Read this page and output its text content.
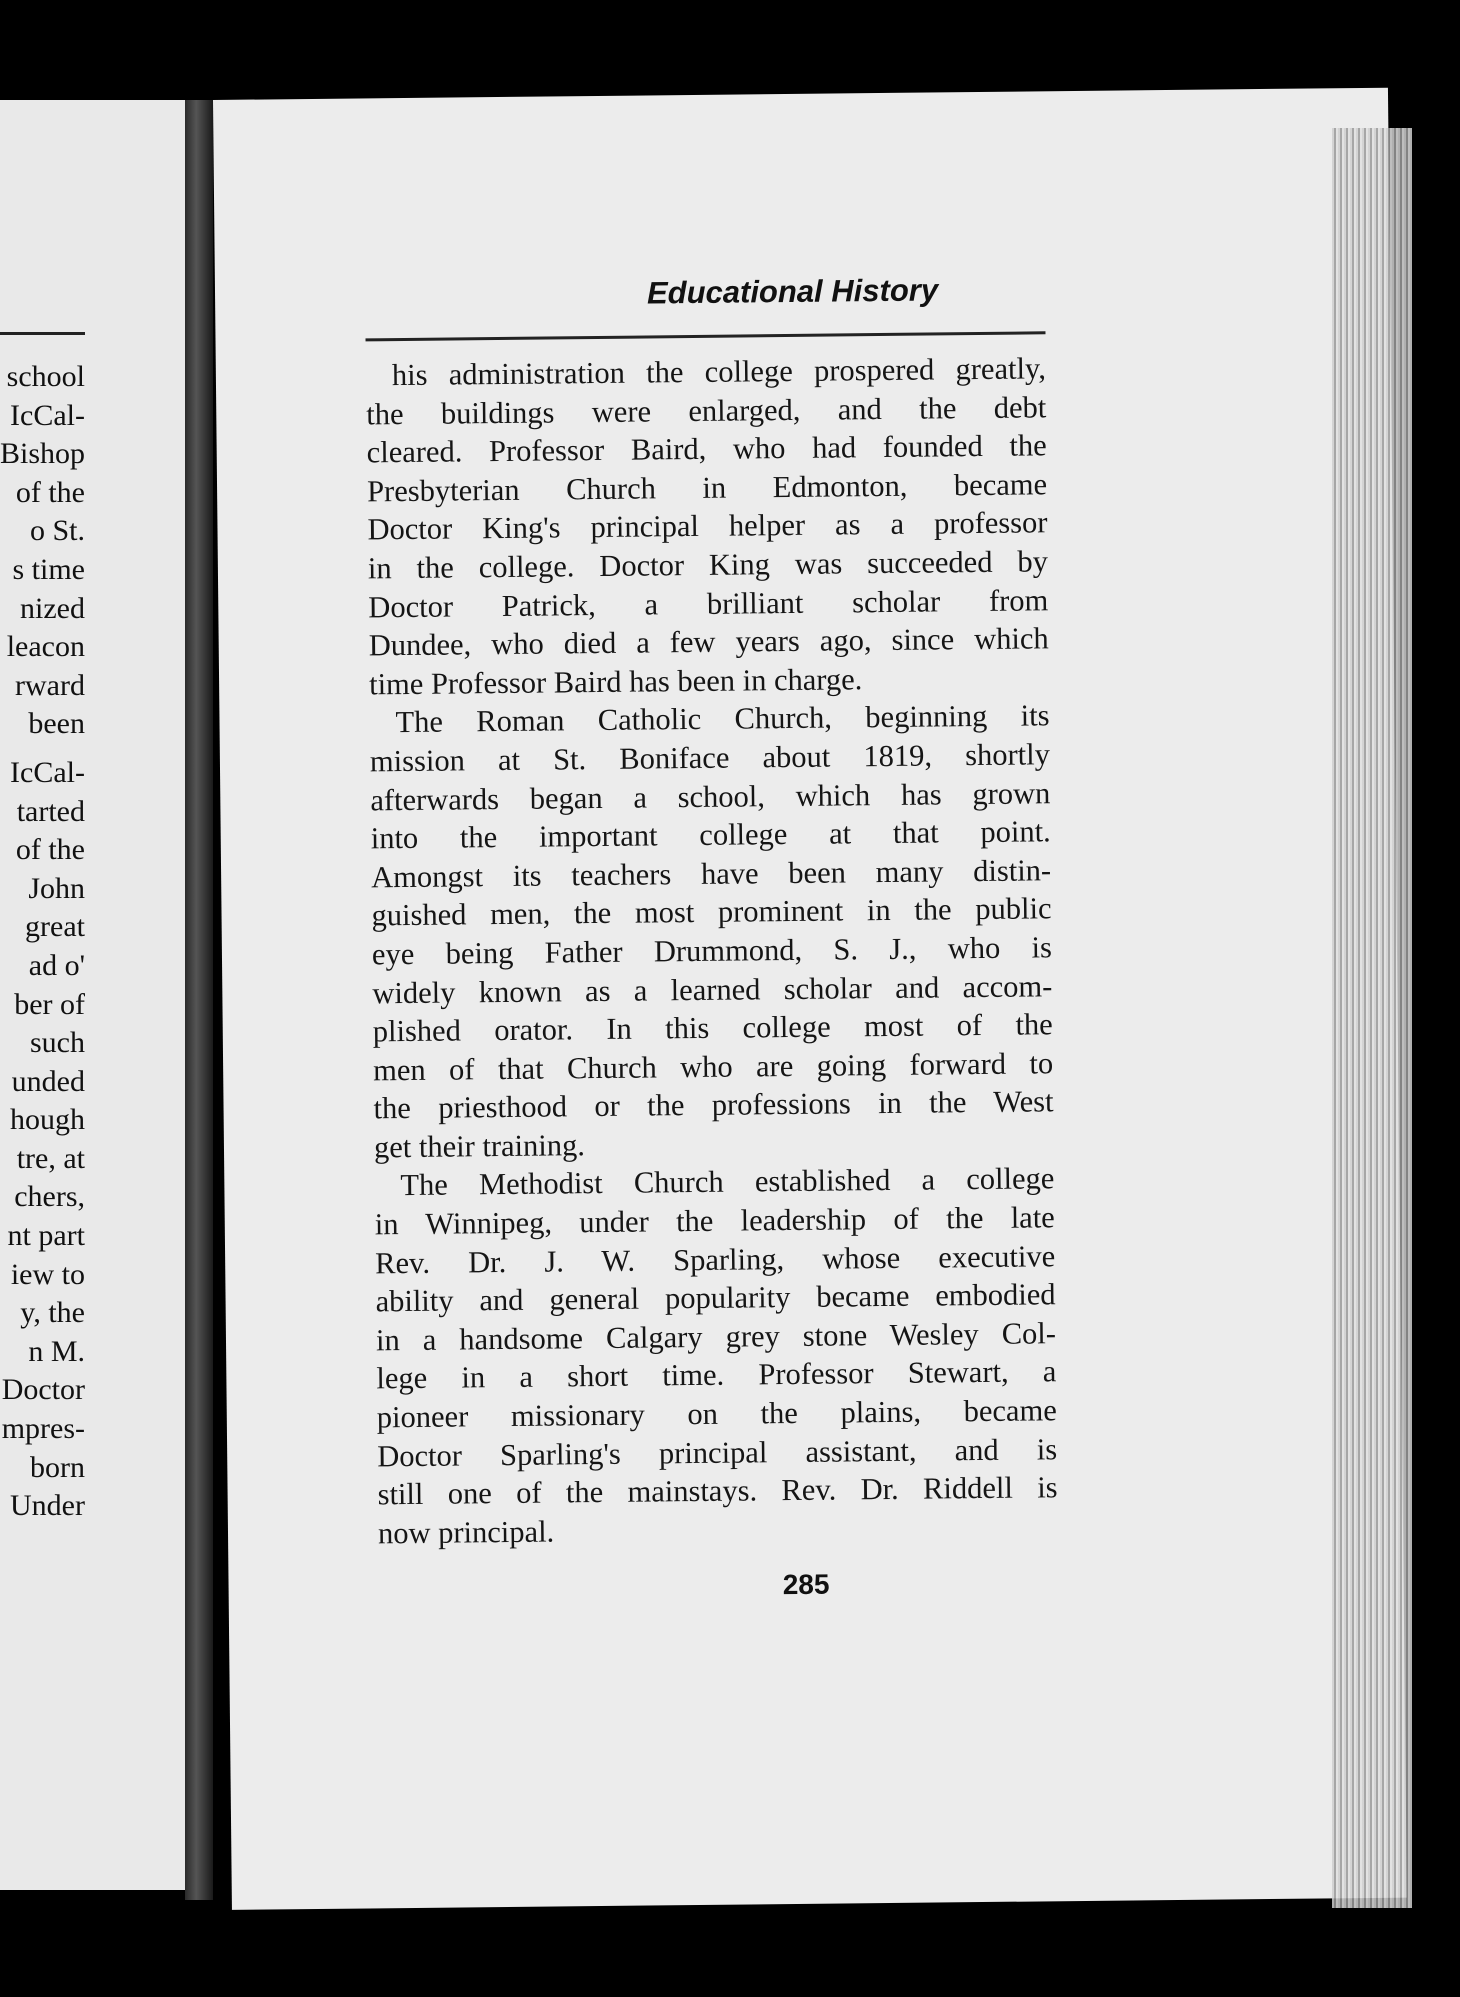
school
IcCal-
Bishop
of the
o St.
s time
nized
leacon
rward
been
IcCal-
tarted
of the
John
great
ad o'
ber of
such
unded
hough
tre, at
chers,
nt part
iew to
y, the
n M.
Doctor
mpres-
born
Under
Educational History
his administration the college prospered greatly,
the buildings were enlarged, and the debt
cleared. Professor Baird, who had founded the
Presbyterian Church in Edmonton, became
Doctor King's principal helper as a professor
in the college. Doctor King was succeeded by
Doctor Patrick, a brilliant scholar from
Dundee, who died a few years ago, since which
time Professor Baird has been in charge.
The Roman Catholic Church, beginning its
mission at St. Boniface about 1819, shortly
afterwards began a school, which has grown
into the important college at that point.
Amongst its teachers have been many distin-
guished men, the most prominent in the public
eye being Father Drummond, S. J., who is
widely known as a learned scholar and accom-
plished orator. In this college most of the
men of that Church who are going forward to
the priesthood or the professions in the West
get their training.
The Methodist Church established a college
in Winnipeg, under the leadership of the late
Rev. Dr. J. W. Sparling, whose executive
ability and general popularity became embodied
in a handsome Calgary grey stone Wesley Col-
lege in a short time. Professor Stewart, a
pioneer missionary on the plains, became
Doctor Sparling's principal assistant, and is
still one of the mainstays. Rev. Dr. Riddell is
now principal.
285
